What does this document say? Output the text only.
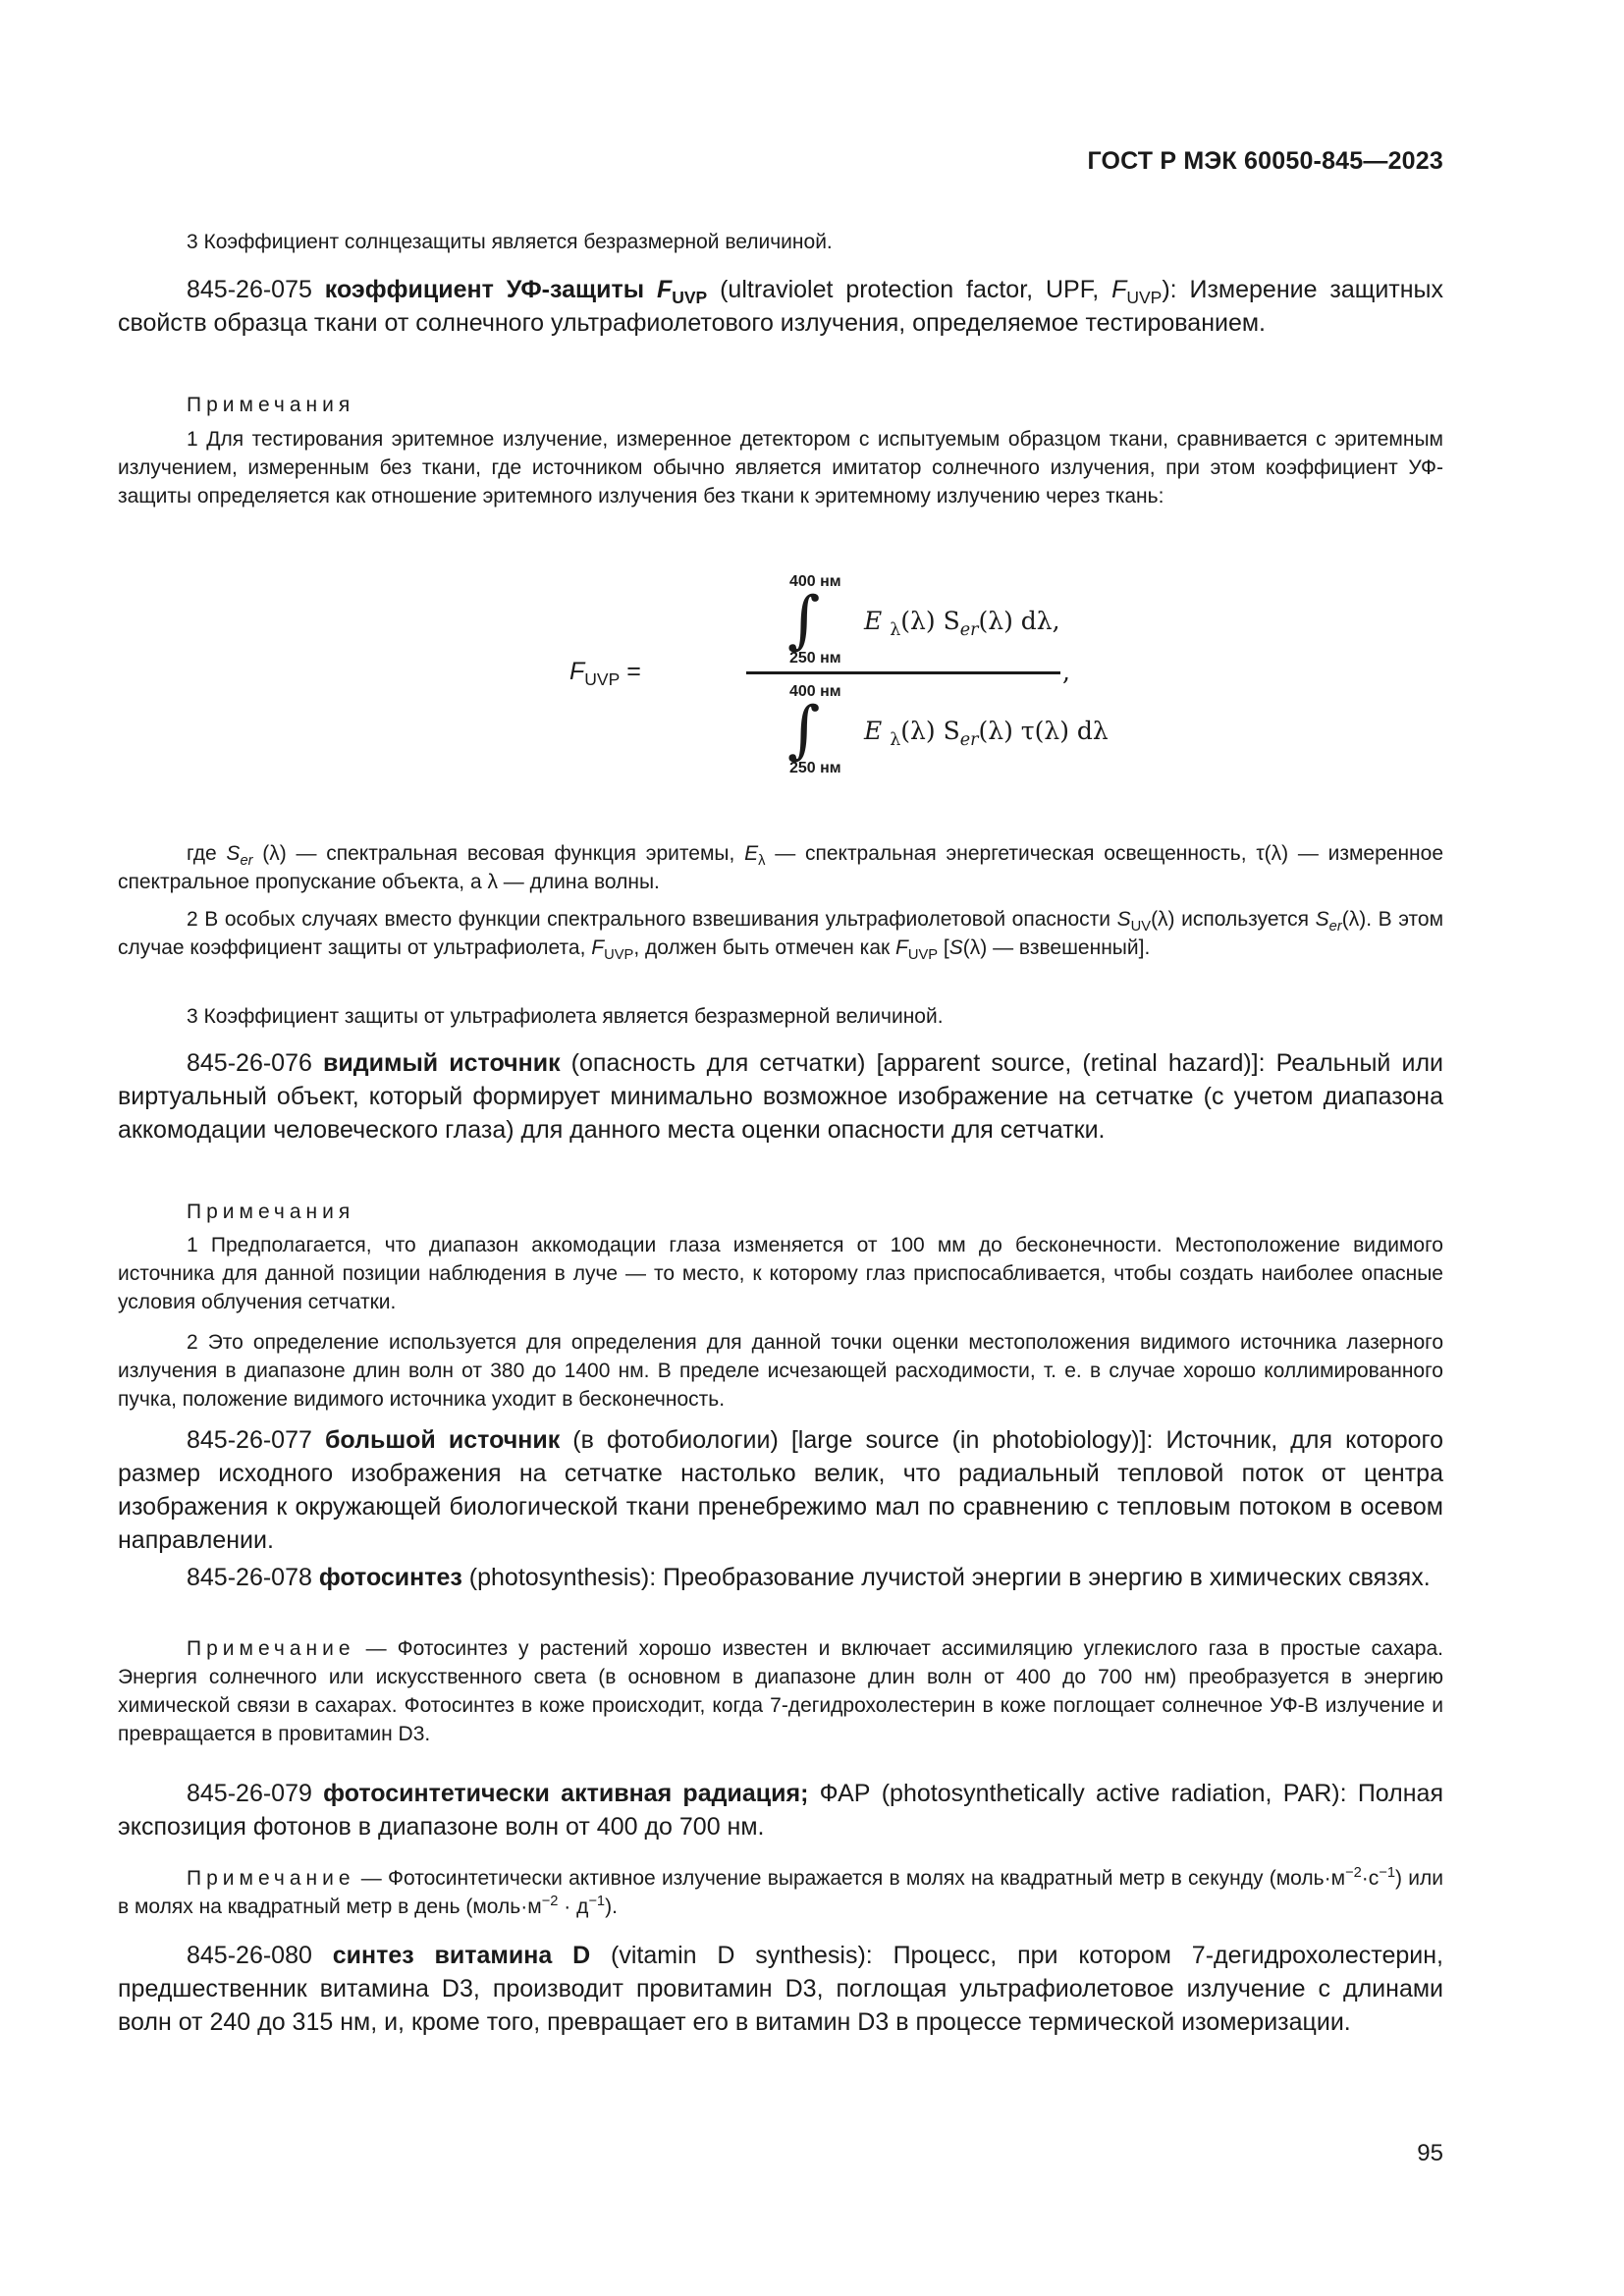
ГОСТ Р МЭК 60050-845—2023
3 Коэффициент солнцезащиты является безразмерной величиной.
845-26-075 коэффициент УФ-защиты $F_{UVP}$ (ultraviolet protection factor, UPF, $F_{UVP}$): Измерение защитных свойств образца ткани от солнечного ультрафиолетового излучения, определяемое тестированием.
Примечания
1 Для тестирования эритемное излучение, измеренное детектором с испытуемым образцом ткани, сравнивается с эритемным излучением, измеренным без ткани, где источником обычно является имитатор солнечного излучения, при этом коэффициент УФ-защиты определяется как отношение эритемного излучения без ткани к эритемному излучению через ткань:
400 нм
∫ E $_\lambda$(λ) $S_{er}(\lambda)$ dλ,
250 нм
$F_{UVP}$ =	,
400 нм
∫ E $_\lambda$(λ) $S_{er}(\lambda)$ τ(λ) dλ
250 нм
где $S_{er}$ (λ) — спектральная весовая функция эритемы, $E_\lambda$ — спектральная энергетическая освещенность, τ(λ) — измеренное спектральное пропускание объекта, а λ — длина волны.
2 В особых случаях вместо функции спектрального взвешивания ультрафиолетовой опасности $S_{UV}(\lambda)$ используется $S_{er}(\lambda)$. В этом случае коэффициент защиты от ультрафиолета, $F_{UVP}$, должен быть отмечен как $F_{UVP}$ [S(λ) — взвешенный].
3 Коэффициент защиты от ультрафиолета является безразмерной величиной.
845-26-076 видимый источник (опасность для сетчатки) [apparent source, (retinal hazard)]: Реальный или виртуальный объект, который формирует минимально возможное изображение на сетчатке (с учетом диапазона аккомодации человеческого глаза) для данного места оценки опасности для сетчатки.
Примечания
1 Предполагается, что диапазон аккомодации глаза изменяется от 100 мм до бесконечности. Местоположение видимого источника для данной позиции наблюдения в луче — то место, к которому глаз приспосабливается, чтобы создать наиболее опасные условия облучения сетчатки.
2 Это определение используется для определения для данной точки оценки местоположения видимого источника лазерного излучения в диапазоне длин волн от 380 до 1400 нм. В пределе исчезающей расходимости, т. е. в случае хорошо коллимированного пучка, положение видимого источника уходит в бесконечность.
845-26-077 большой источник (в фотобиологии) [large source (in photobiology)]: Источник, для которого размер исходного изображения на сетчатке настолько велик, что радиальный тепловой поток от центра изображения к окружающей биологической ткани пренебрежимо мал по сравнению с тепловым потоком в осевом направлении.
845-26-078 фотосинтез (photosynthesis): Преобразование лучистой энергии в энергию в химических связях.
Примечание — Фотосинтез у растений хорошо известен и включает ассимиляцию углекислого газа в простые сахара. Энергия солнечного или искусственного света (в основном в диапазоне длин волн от 400 до 700 нм) преобразуется в энергию химической связи в сахарах. Фотосинтез в коже происходит, когда 7-дегидрохолестерин в коже поглощает солнечное УФ-В излучение и превращается в провитамин D3.
845-26-079 фотосинтетически активная радиация; ФАР (photosynthetically active radiation, PAR): Полная экспозиция фотонов в диапазоне волн от 400 до 700 нм.
Примечание — Фотосинтетически активное излучение выражается в молях на квадратный метр в секунду $(моль\cdot м^{-2}\cdot с^{-1})$ или в молях на квадратный метр в день $(моль\cdot м^{-2} \cdot д^{-1})$.
845-26-080 синтез витамина D (vitamin D synthesis): Процесс, при котором 7-дегидрохолестерин, предшественник витамина D3, производит провитамин D3, поглощая ультрафиолетовое излучение с длинами волн от 240 до 315 нм, и, кроме того, превращает его в витамин D3 в процессе термической изомеризации.
95
